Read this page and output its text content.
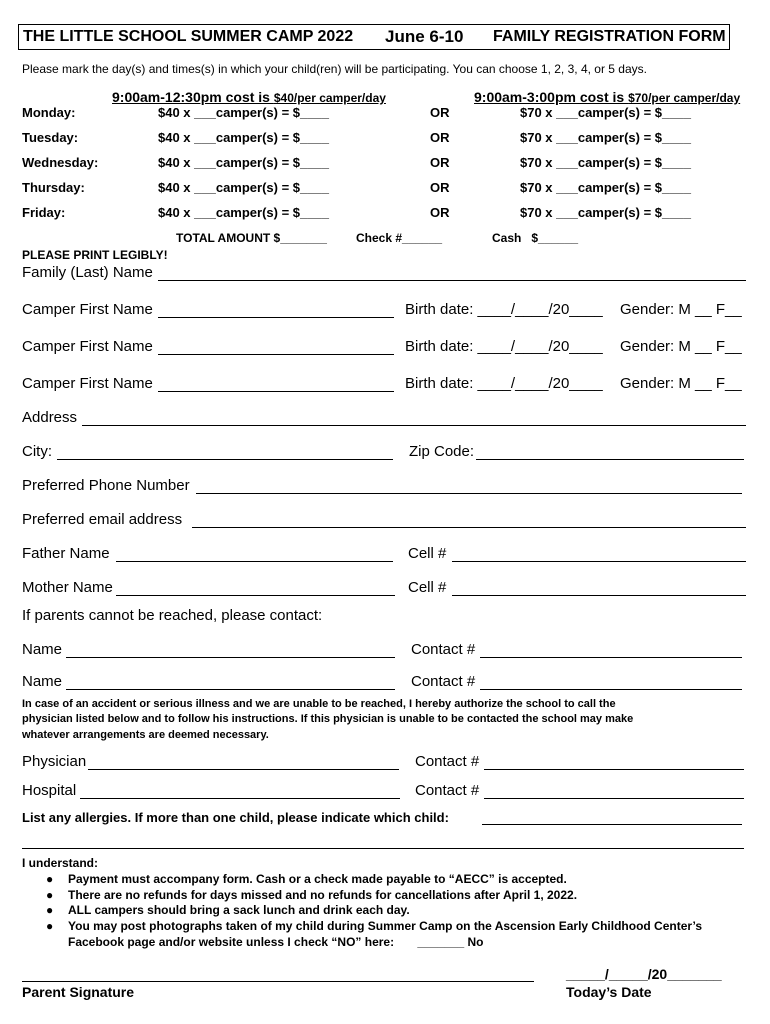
THE LITTLE SCHOOL SUMMER CAMP 2022 June 6-10 FAMILY REGISTRATION FORM
Please mark the day(s) and times(s) in which your child(ren) will be participating. You can choose 1, 2, 3, 4, or 5 days.
9:00am-12:30pm cost is $40/per camper/day	9:00am-3:00pm cost is $70/per camper/day
Monday:	$40 x ___camper(s) = $____	OR	$70 x ___camper(s) = $____
Tuesday:	$40 x ___camper(s) = $____	OR	$70 x ___camper(s) = $____
Wednesday:	$40 x ___camper(s) = $____	OR	$70 x ___camper(s) = $____
Thursday:	$40 x ___camper(s) = $____	OR	$70 x ___camper(s) = $____
Friday:	$40 x ___camper(s) = $____	OR	$70 x ___camper(s) = $____
TOTAL AMOUNT $_______ Check #______	Cash   $______
PLEASE PRINT LEGIBLY!
Family (Last) Name
Camper First Name	Birth date: ____/____/20____ Gender: M __ F__
Camper First Name	Birth date: ____/____/20____ Gender: M __ F__
Camper First Name	Birth date: ____/____/20____ Gender: M __ F__
Address
City:	Zip Code:
Preferred Phone Number
Preferred email address
Father Name	Cell #
Mother Name	Cell #
If parents cannot be reached, please contact:
Name	Contact #
Name	Contact #
In case of an accident or serious illness and we are unable to be reached, I hereby authorize the school to call the
physician listed below and to follow his instructions. If this physician is unable to be contacted the school may make
whatever arrangements are deemed necessary.
Physician	Contact #
Hospital	Contact #
List any allergies. If more than one child, please indicate which child:
I understand:
● Payment must accompany form. Cash or a check made payable to “AECC” is accepted.
● There are no refunds for days missed and no refunds for cancellations after April 1, 2022.
● ALL campers should bring a sack lunch and drink each day.
● You may post photographs taken of my child during Summer Camp on the Ascension Early Childhood Center’s
Facebook page and/or website unless I check “NO” here:       _______ No
_____/_____/20_______
Parent Signature	Today’s Date
